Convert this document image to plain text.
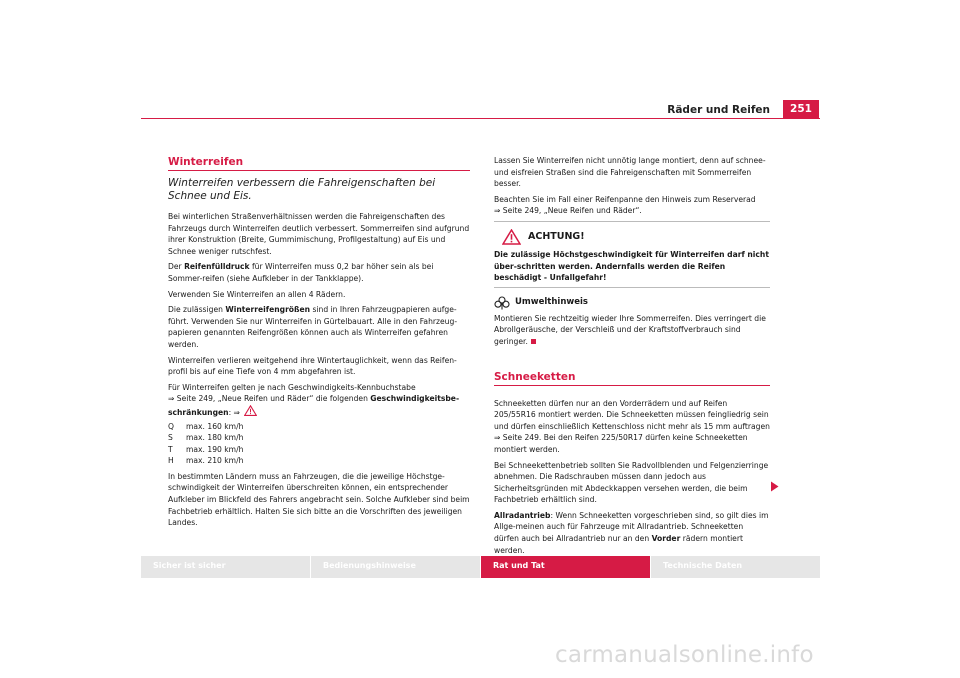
Räder und Reifen	251
Winterreifen
Winterreifen verbessern die Fahreigenschaften bei Schnee und Eis.

Bei winterlichen Straßenverhältnissen werden die Fahreigenschaften des Fahrzeugs durch Winterreifen deutlich verbessert. Sommerreifen sind aufgrund ihrer Konstruktion (Breite, Gummimischung, Profilgestaltung) auf Eis und Schnee weniger rutschfest.

Der Reifenfülldruck für Winterreifen muss 0,2 bar höher sein als bei Sommer-reifen (siehe Aufkleber in der Tankklappe).

Verwenden Sie Winterreifen an allen 4 Rädern.

Die zulässigen Winterreifengrößen sind in Ihren Fahrzeugpapieren aufge-führt. Verwenden Sie nur Winterreifen in Gürtelbauart. Alle in den Fahrzeug-papieren genannten Reifengrößen können auch als Winterreifen gefahren werden.

Winterreifen verlieren weitgehend ihre Wintertauglichkeit, wenn das Reifen-profil bis auf eine Tiefe von 4 mm abgefahren ist.

Für Winterreifen gelten je nach Geschwindigkeits-Kennbuchstabe
⇒ Seite 249, „Neue Reifen und Räder“ die folgenden Geschwindigkeitsbe-schränkungen: ⇒

Q	max. 160 km/h
S	max. 180 km/h
T	max. 190 km/h
H	max. 210 km/h

In bestimmten Ländern muss an Fahrzeugen, die die jeweilige Höchstge-schwindigkeit der Winterreifen überschreiten können, ein entsprechender Aufkleber im Blickfeld des Fahrers angebracht sein. Solche Aufkleber sind beim Fachbetrieb erhältlich. Halten Sie sich bitte an die Vorschriften des jeweiligen Landes.

Lassen Sie Winterreifen nicht unnötig lange montiert, denn auf schnee- und eisfreien Straßen sind die Fahreigenschaften mit Sommerreifen besser.

Beachten Sie im Fall einer Reifenpanne den Hinweis zum Reserverad
⇒ Seite 249, „Neue Reifen und Räder“.

ACHTUNG!
Die zulässige Höchstgeschwindigkeit für Winterreifen darf nicht über-schritten werden. Andernfalls werden die Reifen beschädigt - Unfallgefahr!
Umwelthinweis

Montieren Sie rechtzeitig wieder Ihre Sommerreifen. Dies verringert die Abrollgeräusche, der Verschleiß und der Kraftstoffverbrauch sind geringer.

Schneeketten

Schneeketten dürfen nur an den Vorderrädern und auf Reifen 205/55R16 montiert werden. Die Schneeketten müssen feingliedrig sein und dürfen einschließlich Kettenschloss nicht mehr als 15 mm auftragen ⇒ Seite 249. Bei den Reifen 225/50R17 dürfen keine Schneeketten montiert werden.

Bei Schneekettenbetrieb sollten Sie Radvollblenden und Felgenzierringe abnehmen. Die Radschrauben müssen dann jedoch aus Sicherheitsgründen mit Abdeckkappen versehen werden, die beim Fachbetrieb erhältlich sind.

Allradantrieb: Wenn Schneeketten vorgeschrieben sind, so gilt dies im Allge-meinen auch für Fahrzeuge mit Allradantrieb. Schneeketten dürfen auch bei Allradantrieb nur an den Vorder rädern montiert werden.

Sicher ist sicher	Bedienungshinweise	Rat und Tat	Technische Daten
carmanualsonline.info
